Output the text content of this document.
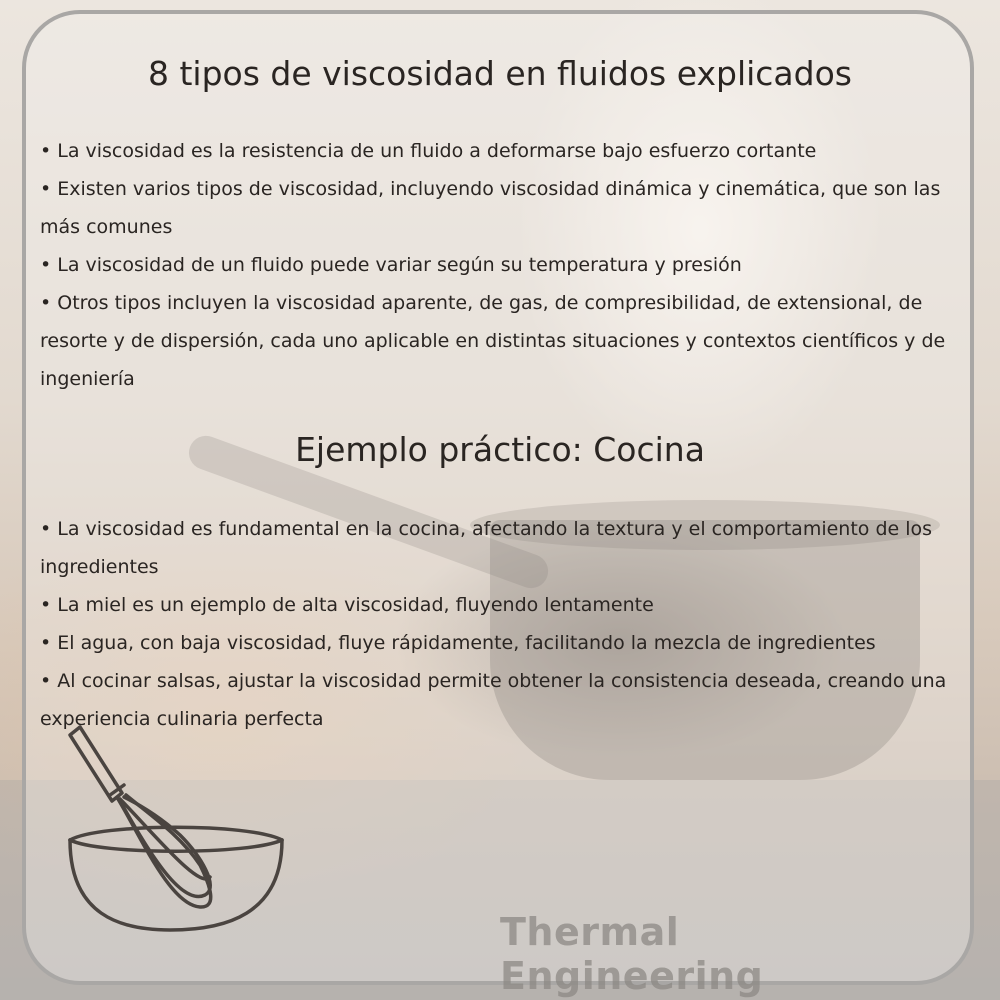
8 tipos de viscosidad en fluidos explicados
• La viscosidad es la resistencia de un fluido a deformarse bajo esfuerzo cortante
• Existen varios tipos de viscosidad, incluyendo viscosidad dinámica y cinemática, que son las más comunes
• La viscosidad de un fluido puede variar según su temperatura y presión
• Otros tipos incluyen la viscosidad aparente, de gas, de compresibilidad, de extensional, de resorte y de dispersión, cada uno aplicable en distintas situaciones y contextos científicos y de ingeniería
Ejemplo práctico: Cocina
• La viscosidad es fundamental en la cocina, afectando la textura y el comportamiento de los ingredientes
• La miel es un ejemplo de alta viscosidad, fluyendo lentamente
• El agua, con baja viscosidad, fluye rápidamente, facilitando la mezcla de ingredientes
• Al cocinar salsas, ajustar la viscosidad permite obtener la consistencia deseada, creando una experiencia culinaria perfecta
Thermal Engineering
